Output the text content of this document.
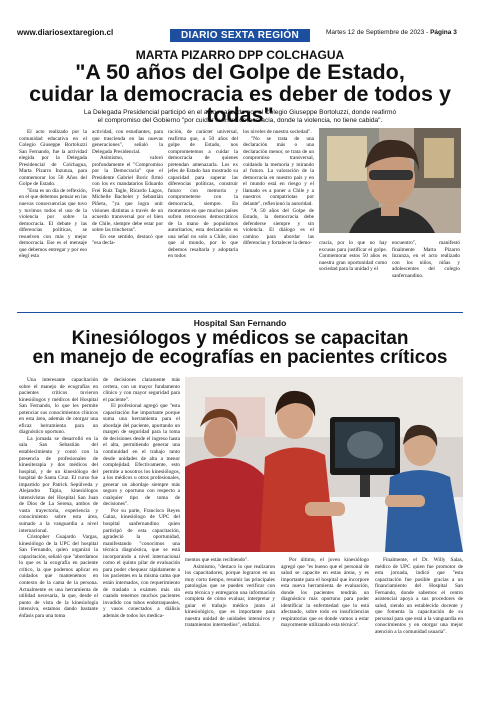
www.diariosextaregion.cl	DIARIO SEXTA REGIÓN	Martes 12 de Septiembre de 2023 - Página 3
MARTA PIZARRO DPP COLCHAGUA
"A 50 años del Golpe de Estado,
cuidar la democracia es deber de todos y todas"
La Delegada Presidencial participó en el acto realizado por el Colegio Giuseppe Bortoluzzi, donde reafirmó
el compromiso del Gobierno "por cuidar nuestra democracia, donde la violencia, no tiene cabida".

El acto realizado por la comunidad educativa en el Colegio Giuseppe Bortoluzzi San Fernando, fue la actividad elegida por la Delegada Presidencial de Colchagua, Marta Pizarro Inzunza, para conmemorar los 50 Años del Golpe de Estado.

"Esta es un día de reflexión, en el que debemos pensar en las nuevas consecuencias que tuvo y tuvimos todos el uso de la violencia por sobre la democracia. El debate y las diferencias políticas, se resuelven con más y mejor democracia. Ese es el mensaje que debemos entregar y por eso elegí esta

actividad, con estudiantes, para que trascienda en las nuevas generaciones", señaló la Delegada Presidencial.

Asimismo, valoró profundamente el "Compromiso por la Democracia" que el Presidente Gabriel Boric firmó con los ex mandatarios Eduardo Frei Ruiz Tagle, Ricardo Lagos, Michelle Bachelet y Sebastián Piñera, "ya que logra unir visiones distintas a través de un acuerdo transversal por el bien de Chile, siempre debe estar por sobre las trincheras".

En ese sentido, destacó que "esa decla-

ración, de carácter universal, reafirma que, a 50 años del golpe de Estado, nos comprometemos a cuidar la democracia de quienes pretendan amenazarla. Los ex jefes de Estado han mostrado su capacidad para superar las diferencias políticas, construir futuro con memoria y comprometerse con la democracia, siempre. En momentos en que muchos países sufren retrocesos democráticos de la mano de populismos autoritarios, esta declaración es una señal no solo a Chile, sino que al mundo, por lo que debemos resaltarla y adoptarla en todos

los niveles de nuestra sociedad".

"No se trata de una declaración más o una declaración menor, se trata de un compromiso transversal, cuidando la memoria y mirando al futuro. La valoración de la democracia en nuestro país y en el mundo está en riesgo y el llamado es a poner a Chile y a nuestros compatriotas por delante", reflexionó la autoridad.

"A 50 años del Golpe de Estado, la democracia debe defenderse siempre y sin violencia. El diálogo es el camino para abordar las diferencias y fortalecer la demo-	cracia, por lo que no hay excusas para justificar el golpe. Conmemorar estos 50 años es nuestra gran oportunidad como sociedad para la unidad y el

encuentro", manifestó finalmente Marta Pizarro Inzunza, en el acto realizado con los niños, niñas y adolescentes del colegio sanfernandino.

Hospital San Fernando
Kinesiólogos y médicos se capacitan
en manejo de ecografías en pacientes críticos

Una interesante capacitación sobre el manejo de ecografías en pacientes críticos tuvieron kinesiólogos y médicos del Hospital San Fernando, lo que les permite potenciar sus conocimientos clínicos en esta área, además de otorgar una eficaz herramienta para un diagnóstico oportuno.

La jornada se desarrolló en la sala San Sebastián del establecimiento y contó con la presencia de profesionales de kinesiterapia y dos médicos del hospital, y de un kinesiólogo del hospital de Santa Cruz. El curso fue impartido por Patrick Sepúlveda y Alejandro Tapia, kinesiólogos intensivistas del Hospital San Juan de Dios de La Serena, ambos de vasta trayectoria, experiencia y conocimiento sobre esta área, sumado a la vanguardia a nivel internacional.

Cristopher Guajardo Vargas, kinesiólogo de la UPC del hospital San Fernando, quien organizó la capacitación, señaló que "abordamos lo que es la ecografía en paciente crítico, la que podemos aplicar en cuidados que mantenemos en contexto de la cama de la persona. Actualmente es una herramienta de utilidad necesaria, la que, desde el punto de vista de la kinesiología intensiva, estamos dando bastante énfasis para una toma

de decisiones claramente más certera, con un mayor fundamento clínico y con mayor seguridad para el paciente".

El profesional agregó que "esta capacitación fue importante porque suma una herramienta para el abordaje del paciente, aportando un margen de seguridad para la toma de decisiones desde el ingreso hasta el alta, permitiendo generar una continuidad en el trabajo tanto desde unidades de alta a menor complejidad. Efectivamente, esto permite a nosotros los kinesiólogos, a los médicos u otros profesionales, generar un abordaje siempre más seguro y oportuno con respecto a cualquier tipo de toma de decisiones".

Por su parte, Francisco Reyes Galaz, kinesiólogo de UPC del hospital sanfernandino quien participó de esta capacitación, agradeció la oportunidad, manifestando "conocimos una técnica diagnóstica, que se está incorporando a nivel internacional como el quinto pilar de evaluación para poder chequear rápidamente a los pacientes en la misma cama que están internados, con requerimiento de traslado a exámen más sin cuando tenemos muchos pacientes invadido con tubos endotraqueales, y vasos conectados a diálisis además de todos los medica-

mentos que están recibiendo".

Asimismo, "destaco lo que realizaron los capacitadores, porque lograron en un muy corto tiempo, resumir las principales patologías que se pueden verificar con esta técnica y entregaron una información completa de cómo evaluar, interpretar y guiar el trabajo médico junto al kinesiológico, que es importante para nuestra unidad de unidades intensivos y tratamientos intermedios", enfatizó.

Por último, el joven kinesiólogo agregó que "es bueno que el personal de salud se capacite en estas áreas, y es importante para el hospital que incorpore esta nueva herramienta de evaluación, donde los pacientes tendrán un diagnóstico más oportuno para poder identificar la enfermedad que lo está afectando, sobre todo en insuficiencias respiratorias que es donde vamos a estar mayormente utilizando esta técnica".

Finalmente, el Dr. Willy Salas, médico de UPC quien fue promotor de esta jornada, indicó que "esta capacitación fue posible gracias a un financiamiento del Hospital San Fernando, donde sabemos el centro asistencial apoya a sus procedores de salud, siendo un establecido docente y que fomenta la capacitación de su personal para que está a la vanguardia en conocimientos y en otorgar una mejor atención a la comunidad usuaria".
